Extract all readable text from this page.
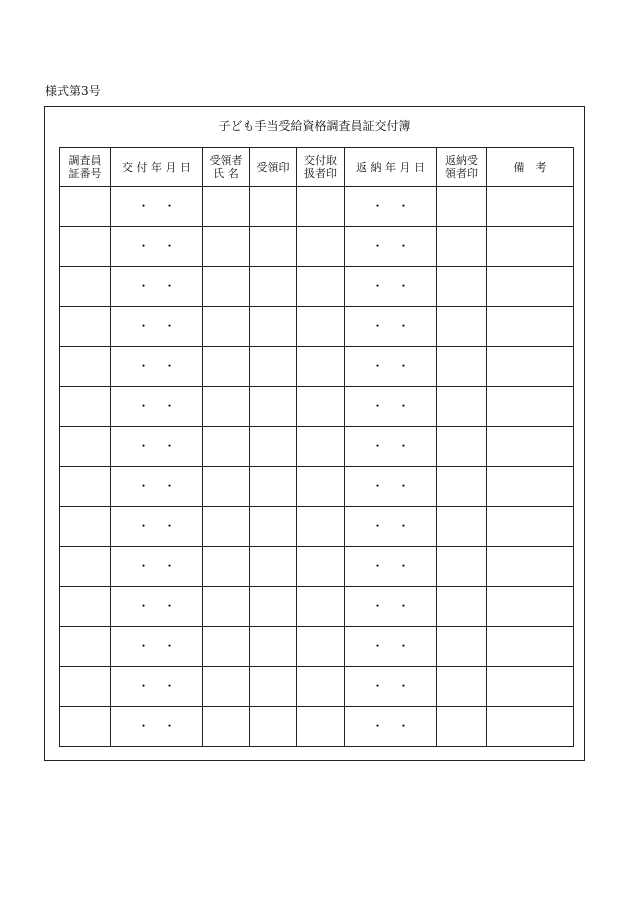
様式第3号
子ども手当受給資格調査員証交付簿
調査員
証番号	交 付 年 月 日	受領者
氏 名	受領印	交付取
扱者印	返 納 年 月 日	返納受
領者印	備　考
	・・				・・		
	・・				・・		
	・・				・・		
	・・				・・		
	・・				・・		
	・・				・・		
	・・				・・		
	・・				・・		
	・・				・・		
	・・				・・		
	・・				・・		
	・・				・・		
	・・				・・		
	・・				・・		
